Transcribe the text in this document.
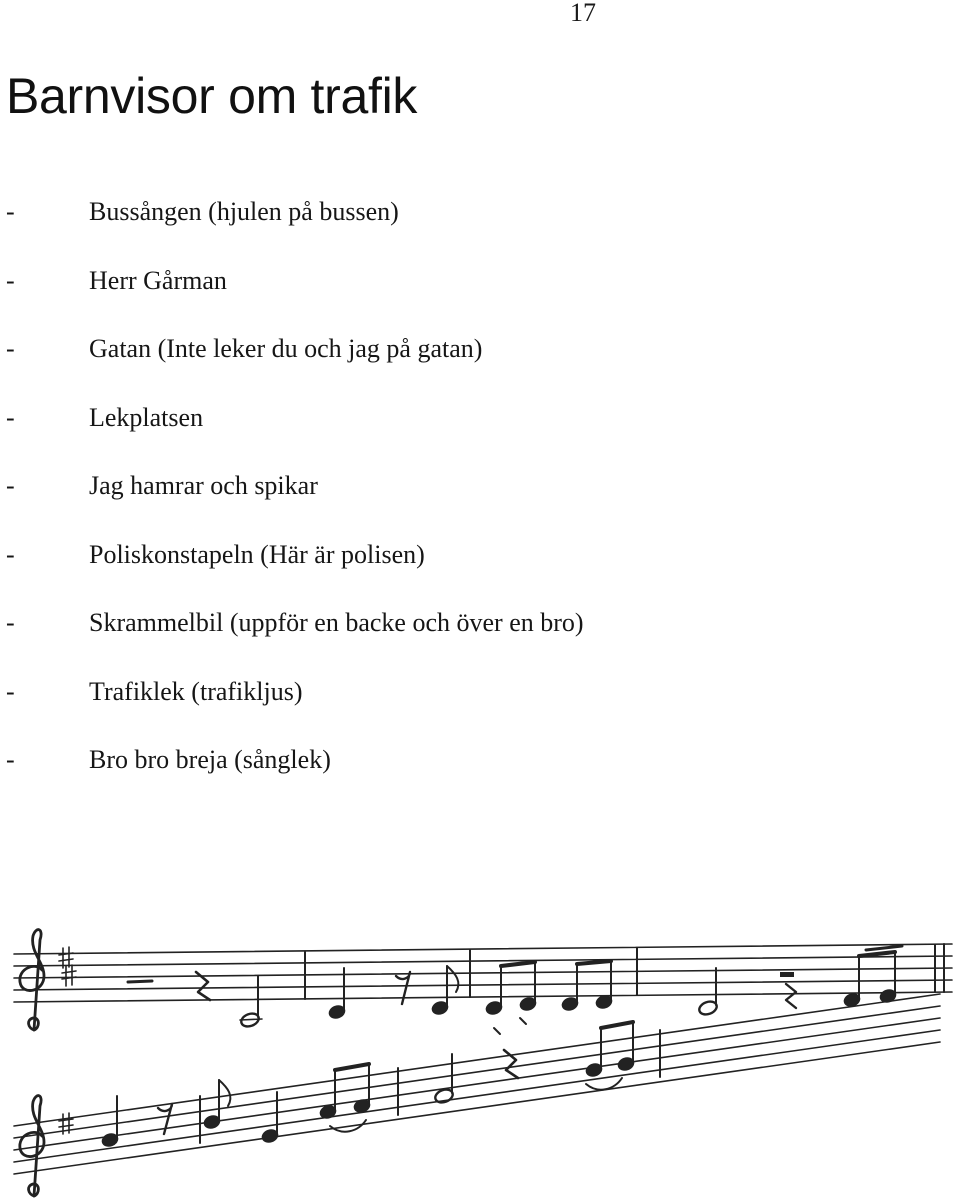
17
Barnvisor om trafik
-	Bussången (hjulen på bussen)
-	Herr Gårman
-	Gatan (Inte leker du och jag på gatan)
-	Lekplatsen
-	Jag hamrar och spikar
-	Poliskonstapeln (Här är polisen)
-	Skrammelbil (uppför en backe och över en bro)
-	Trafiklek (trafikljus)
-	Bro bro breja (sånglek)
